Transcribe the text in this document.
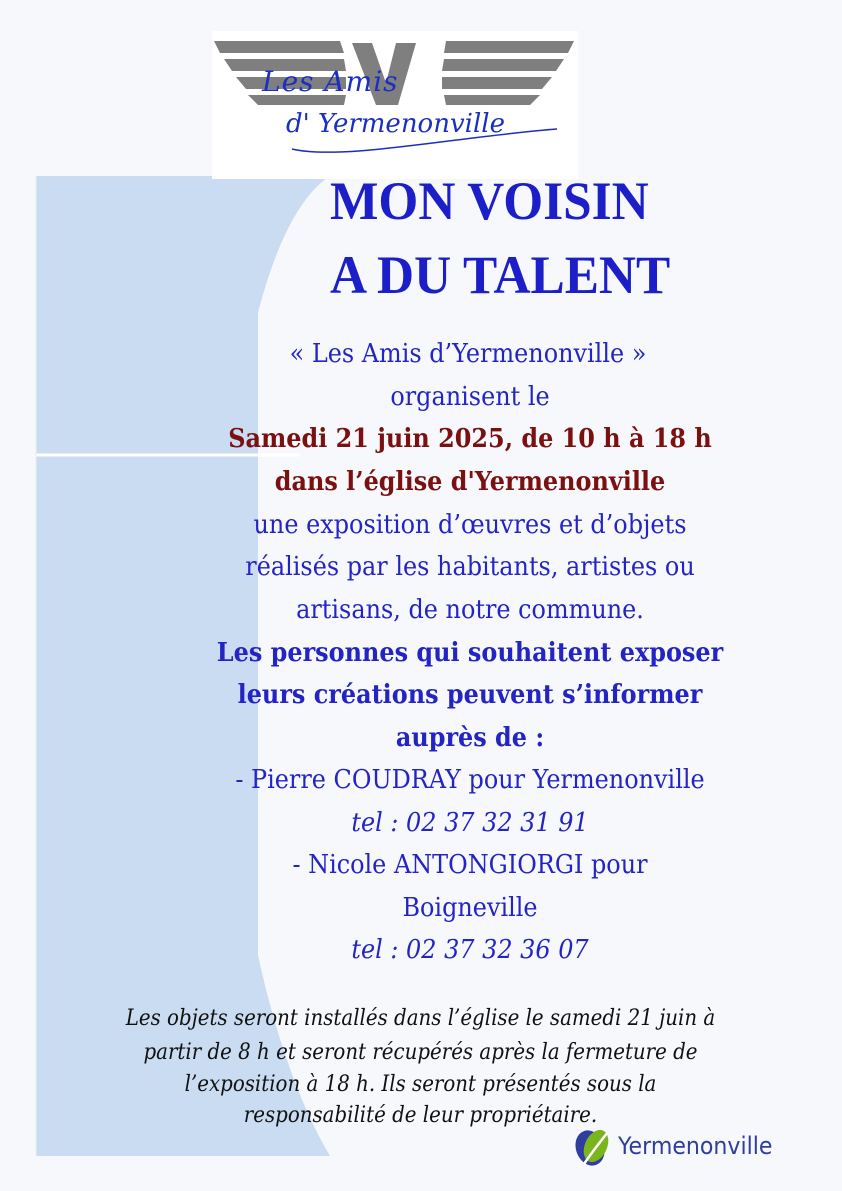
Les Amis
d' Yermenonville
MON VOISIN
A DU TALENT

« Les Amis d’Yermenonville »

organisent le

Samedi 21 juin 2025, de 10 h à 18 h

dans l’église d'Yermenonville

une exposition d’œuvres et d’objets

réalisés par les habitants, artistes ou

artisans, de notre commune.

Les personnes qui souhaitent exposer

leurs créations peuvent s’informer

auprès de :

- Pierre COUDRAY pour Yermenonville

tel : 02 37 32 31 91

- Nicole ANTONGIORGI pour

Boigneville

tel : 02 37 32 36 07

Les objets seront installés dans l’église le samedi 21 juin à

partir de 8 h et seront récupérés après la fermeture de

l’exposition à 18 h. Ils seront présentés sous la

responsabilité de leur propriétaire.

Yermenonville
